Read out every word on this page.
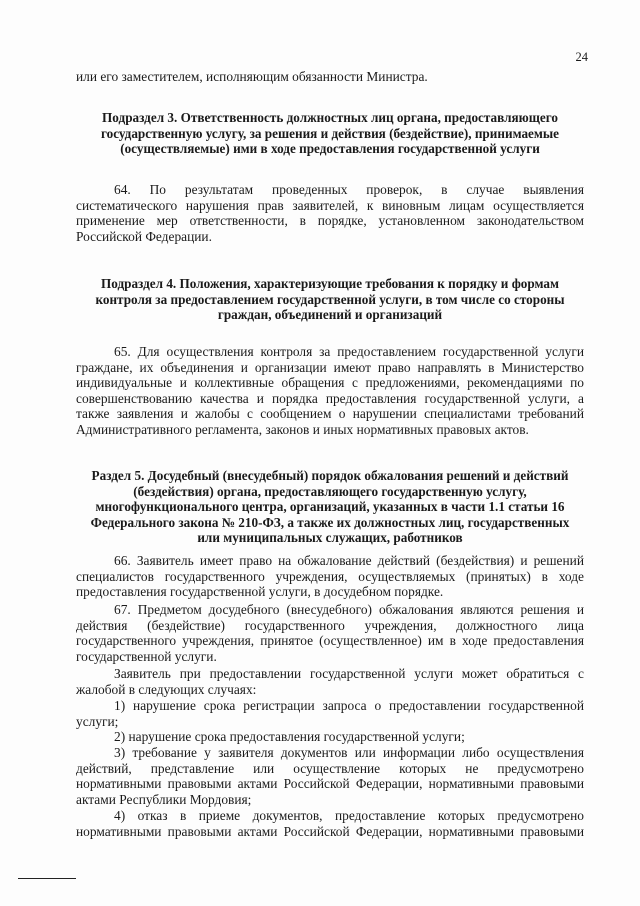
24

или его заместителем, исполняющим обязанности Министра.

Подраздел 3. Ответственность должностных лиц органа, предоставляющего

государственную услугу, за решения и действия (бездействие), принимаемые

(осуществляемые) ими в ходе предоставления государственной услуги

64. По результатам проведенных проверок, в случае выявления

систематического нарушения прав заявителей, к виновным лицам осуществляется

применение мер ответственности, в порядке, установленном законодательством

Российской Федерации.

Подраздел 4. Положения, характеризующие требования к порядку и формам

контроля за предоставлением государственной услуги, в том числе со стороны

граждан, объединений и организаций

65. Для осуществления контроля за предоставлением государственной услуги

граждане, их объединения и организации имеют право направлять в Министерство

индивидуальные и коллективные обращения с предложениями, рекомендациями по

совершенствованию качества и порядка предоставления государственной услуги, а

также заявления и жалобы с сообщением о нарушении специалистами требований

Административного регламента, законов и иных нормативных правовых актов.

Раздел 5. Досудебный (внесудебный) порядок обжалования решений и действий

(бездействия) органа, предоставляющего государственную услугу,

многофункционального центра, организаций, указанных в части 1.1 статьи 16

Федерального закона № 210-ФЗ, а также их должностных лиц, государственных

или муниципальных служащих, работников

66. Заявитель имеет право на обжалование действий (бездействия) и решений

специалистов государственного учреждения, осуществляемых (принятых) в ходе

предоставления государственной услуги, в досудебном порядке.

67. Предметом досудебного (внесудебного) обжалования являются решения и

действия (бездействие) государственного учреждения, должностного лица

государственного учреждения, принятое (осуществленное) им в ходе предоставления

государственной услуги.

Заявитель при предоставлении государственной услуги может обратиться с

жалобой в следующих случаях:

1) нарушение срока регистрации запроса о предоставлении государственной

услуги;

2) нарушение срока предоставления государственной услуги;

3) требование у заявителя документов или информации либо осуществления

действий, представление или осуществление которых не предусмотрено

нормативными правовыми актами Российской Федерации, нормативными правовыми

актами Республики Мордовия;

4) отказ в приеме документов, предоставление которых предусмотрено

нормативными правовыми актами Российской Федерации, нормативными правовыми
